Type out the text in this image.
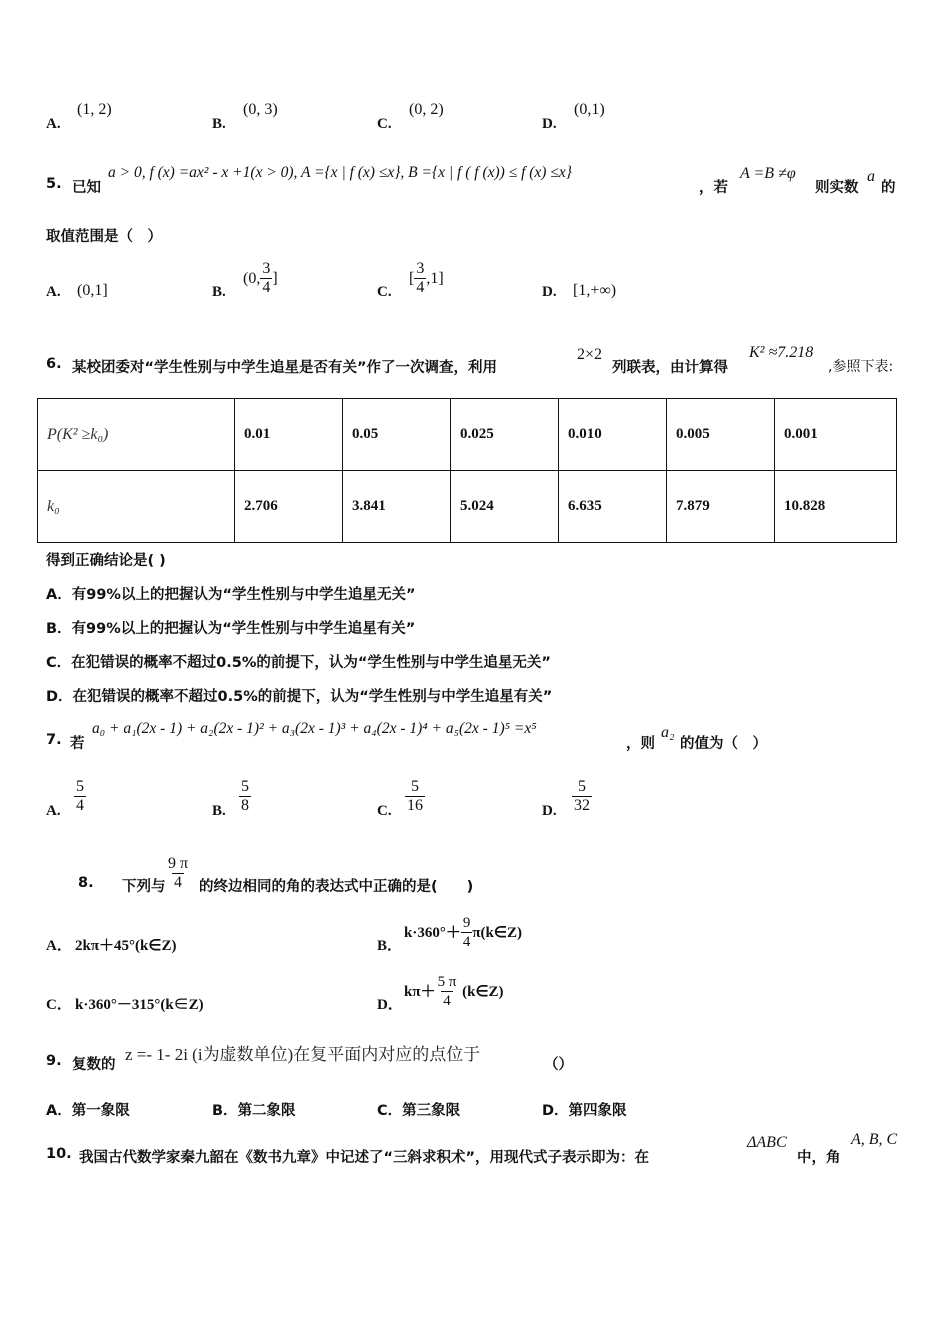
A.
(1, 2)
B.
(0, 3)
C.
(0, 2)
D.
(0,1)
5. 已知
a > 0, f (x) =ax² - x +1(x > 0), A ={x | f (x) ≤x}, B ={x | f ( f (x)) ≤ f (x) ≤x}
，若
A =B ≠φ
则实数
a
的
取值范围是（　）
A. (0,1]	B.
(0, $\frac{3}{4}$ ]
C.
[ $\frac{3}{4} ,1$]
D. [1,+∞)
6. 某校团委对“学生性别与中学生追星是否有关”作了一次调查，利用
2×2
列联表，由计算得
K² ≈7.218
,参照下表:
P(K² ≥k₀)	0.01	0.05	0.025	0.010	0.005	0.001
k₀	2.706	3.841	5.024	6.635	7.879	10.828
得到正确结论是( )
A．有99%以上的把握认为“学生性别与中学生追星无关”
B．有99%以上的把握认为“学生性别与中学生追星有关”
C．在犯错误的概率不超过0.5%的前提下，认为“学生性别与中学生追星无关”
D．在犯错误的概率不超过0.5%的前提下，认为“学生性别与中学生追星有关”
7. 若
a₀ + a₁(2x - 1) + a₂(2x - 1)² + a₃(2x - 1)³ + a₄(2x - 1)⁴ + a₅(2x - 1)⁵ =x⁵
，则
a₂
的值为（　）
A. $\frac{5}{4}$	B. $\frac{5}{8}$	C. $\frac{5}{16}$	D. $\frac{5}{32}$
8. 下列与 $\frac{9 \pi}{4}$ 的终边相同的角的表达式中正确的是(　　)
A． 2kπ＋45°(k∈Z)	B．
$k\cdot 360^\circ+ \frac{9}{4}$ π(k∈Z)
C． k·360°－315°(k∈Z)	D．
$k\pi+ \frac{5 \pi}{4}$ (k∈Z)
9. 复数的
z =- 1- 2i (i为虚数单位)在复平面内对应的点位于
（）
A．第一象限	B．第二象限	C．第三象限	D．第四象限
10. 我国古代数学家秦九韶在《数书九章》中记述了“三斜求积术”，用现代式子表示即为：在
ΔABC
中，角
A, B, C
